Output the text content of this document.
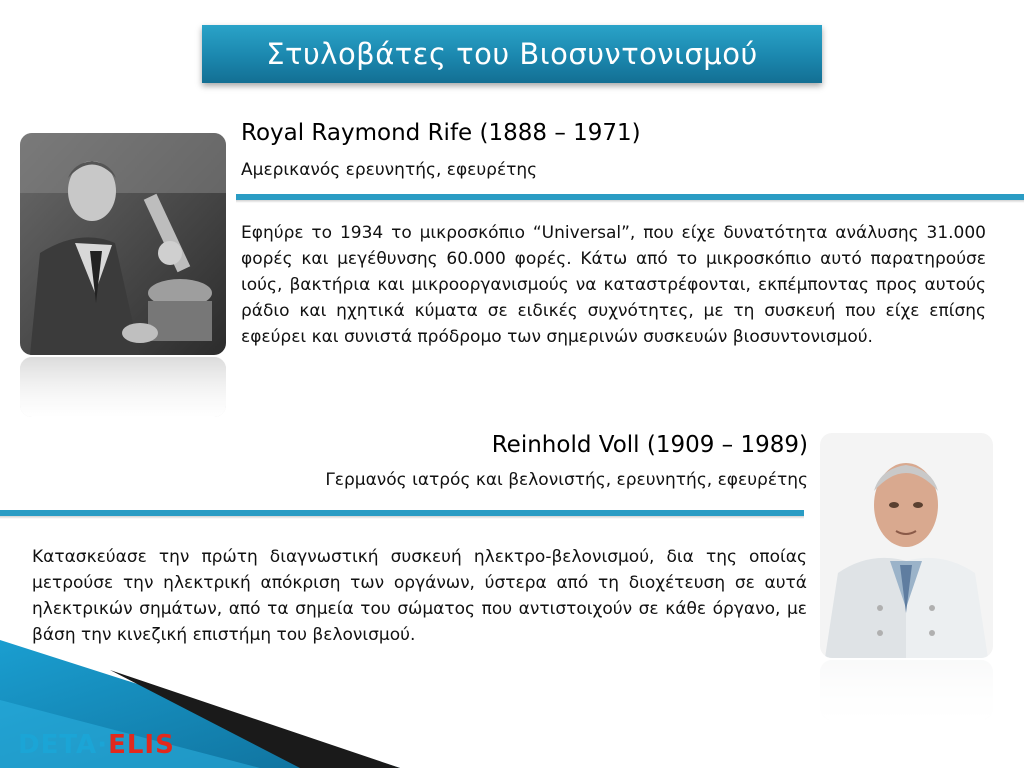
Στυλοβάτες του Βιοσυντονισμού
Royal Raymond Rife (1888 – 1971)
Αμερικανός ερευνητής, εφευρέτης
Εφηύρε το 1934 το μικροσκόπιο “Universal”, που είχε δυνατότητα ανάλυσης 31.000 φορές και μεγέθυνσης 60.000 φορές. Κάτω από το μικροσκόπιο αυτό παρατηρούσε ιούς, βακτήρια και μικροοργανισμούς να καταστρέφονται, εκπέμποντας προς αυτούς ράδιο και ηχητικά κύματα σε ειδικές συχνότητες, με τη συσκευή που είχε επίσης εφεύρει και συνιστά πρόδρομο των σημερινών συσκευών βιοσυντονισμού.
Reinhold Voll (1909 – 1989)
Γερμανός ιατρός και βελονιστής, ερευνητής, εφευρέτης
Κατασκεύασε την πρώτη διαγνωστική συσκευή ηλεκτρο-βελονισμού, δια της οποίας μετρούσε την ηλεκτρική απόκριση των οργάνων, ύστερα από τη διοχέτευση σε αυτά ηλεκτρικών σημάτων, από τα σημεία του σώματος που αντιστοιχούν σε κάθε όργανο, με βάση την κινεζική επιστήμη του βελονισμού.
DETA·ELIS
